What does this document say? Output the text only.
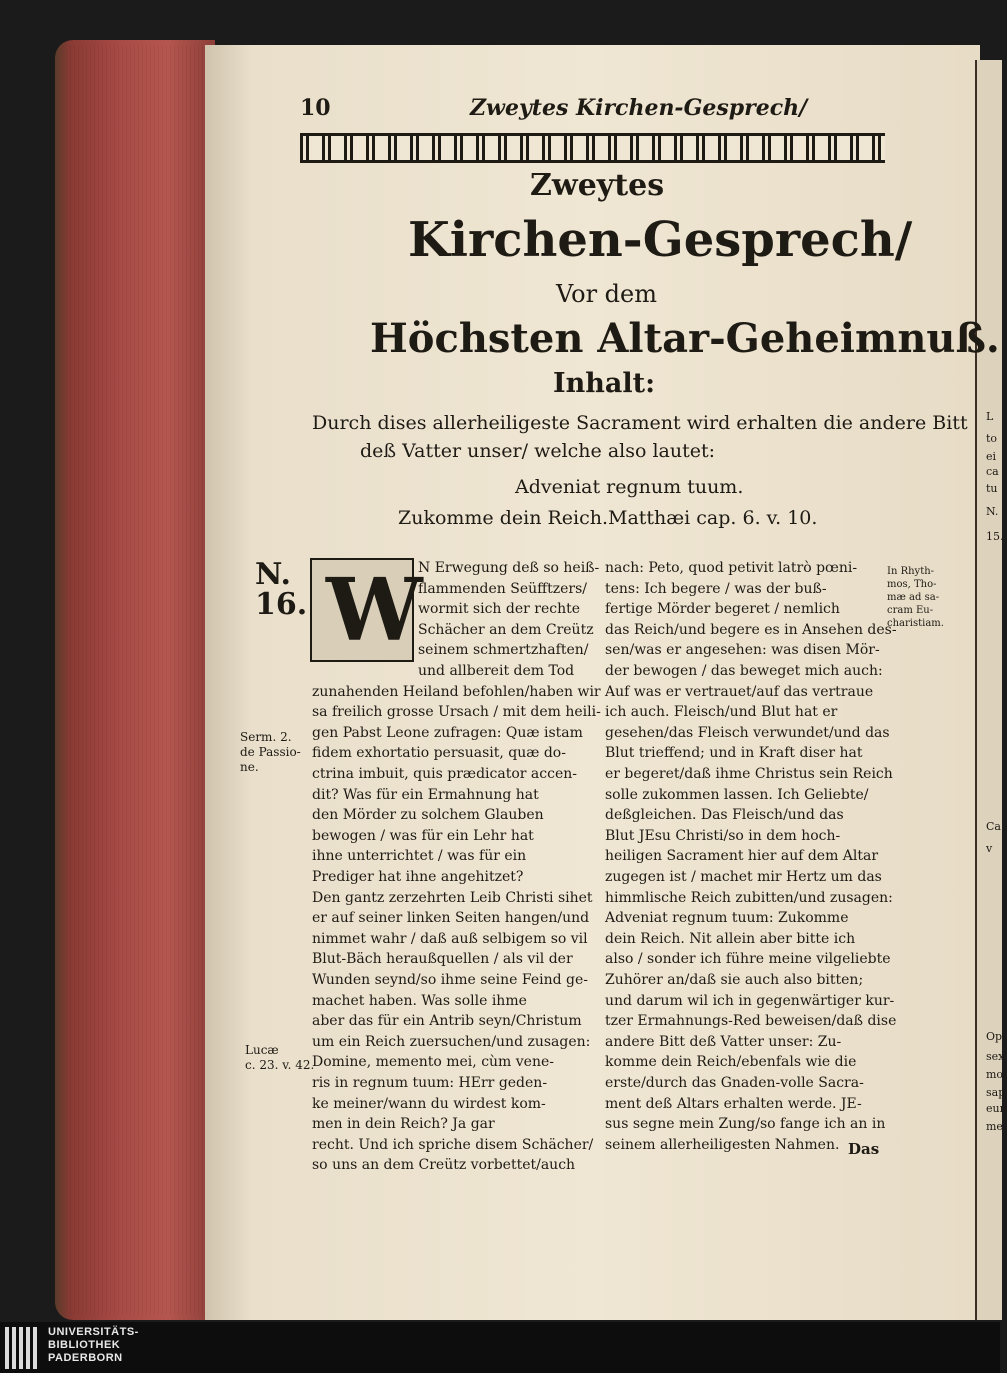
10	Zweytes Kirchen-Gesprech/
Zweytes
Kirchen-Gesprech/
Vor dem
Höchsten Altar-Geheimnuß.
Inhalt:
Durch dises allerheiligeste Sacrament wird erhalten die andere Bitt
deß Vatter unser/ welche also lautet:
Adveniat regnum tuum.
Zukomme dein Reich. Matthæi cap. 6. v. 10.
N. 16. W
N Erwegung deß so heiß-
flammenden Seüfftzers/
wormit sich der rechte
Schächer an dem Creütz
seinem schmertzhaften/
und allbereit dem Tod
zunahenden Heiland befohlen/haben wir
sa freilich grosse Ursach / mit dem heili-
gen Pabst Leone zufragen: Quæ istam
fidem exhortatio persuasit, quæ do-
ctrina imbuit, quis prædicator accen-
dit? Was für ein Ermahnung hat
den Mörder zu solchem Glauben
bewogen / was für ein Lehr hat
ihne unterrichtet / was für ein
Prediger hat ihne angehitzet?
Den gantz zerzehrten Leib Christi sihet
er auf seiner linken Seiten hangen/und
nimmet wahr / daß auß selbigem so vil
Blut-Bäch heraußquellen / als vil der
Wunden seynd/so ihme seine Feind ge-
machet haben. Was solle ihme
aber das für ein Antrib seyn/Christum
um ein Reich zuersuchen/und zusagen:
Domine, memento mei, cùm vene-
ris in regnum tuum: HErr geden-
ke meiner/wann du wirdest kom-
men in dein Reich? Ja gar
recht. Und ich spriche disem Schächer/
so uns an dem Creütz vorbettet/auch
nach: Peto, quod petivit latrò pœni-
tens: Ich begere / was der buß-
fertige Mörder begeret / nemlich
das Reich/und begere es in Ansehen des-
sen/was er angesehen: was disen Mör-
der bewogen / das beweget mich auch:
Auf was er vertrauet/auf das vertraue
ich auch. Fleisch/und Blut hat er
gesehen/das Fleisch verwundet/und das
Blut trieffend; und in Kraft diser hat
er begeret/daß ihme Christus sein Reich
solle zukommen lassen. Ich Geliebte/
deßgleichen. Das Fleisch/und das
Blut JEsu Christi/so in dem hoch-
heiligen Sacrament hier auf dem Altar
zugegen ist / machet mir Hertz um das
himmlische Reich zubitten/und zusagen:
Adveniat regnum tuum: Zukomme
dein Reich. Nit allein aber bitte ich
also / sonder ich führe meine vilgeliebte
Zuhörer an/daß sie auch also bitten;
und darum wil ich in gegenwärtiger kur-
tzer Ermahnungs-Red beweisen/daß dise
andere Bitt deß Vatter unser: Zu-
komme dein Reich/ebenfals wie die
erste/durch das Gnaden-volle Sacra-
ment deß Altars erhalten werde. JE-
sus segne mein Zung/so fange ich an in
seinem allerheiligesten Nahmen. Das
Serm. 2.
de Passio-
ne.
Lucæ
c. 23. v. 42.
In Rhyth-
mos, Tho-
mæ ad sa-
cram Eu-
charistiam.
N.
15.
L
to
ei
ca
tu
Ca
v
Op
sex
mo
sap
eun
me
UNIVERSITÄTS-
BIBLIOTHEK
PADERBORN
